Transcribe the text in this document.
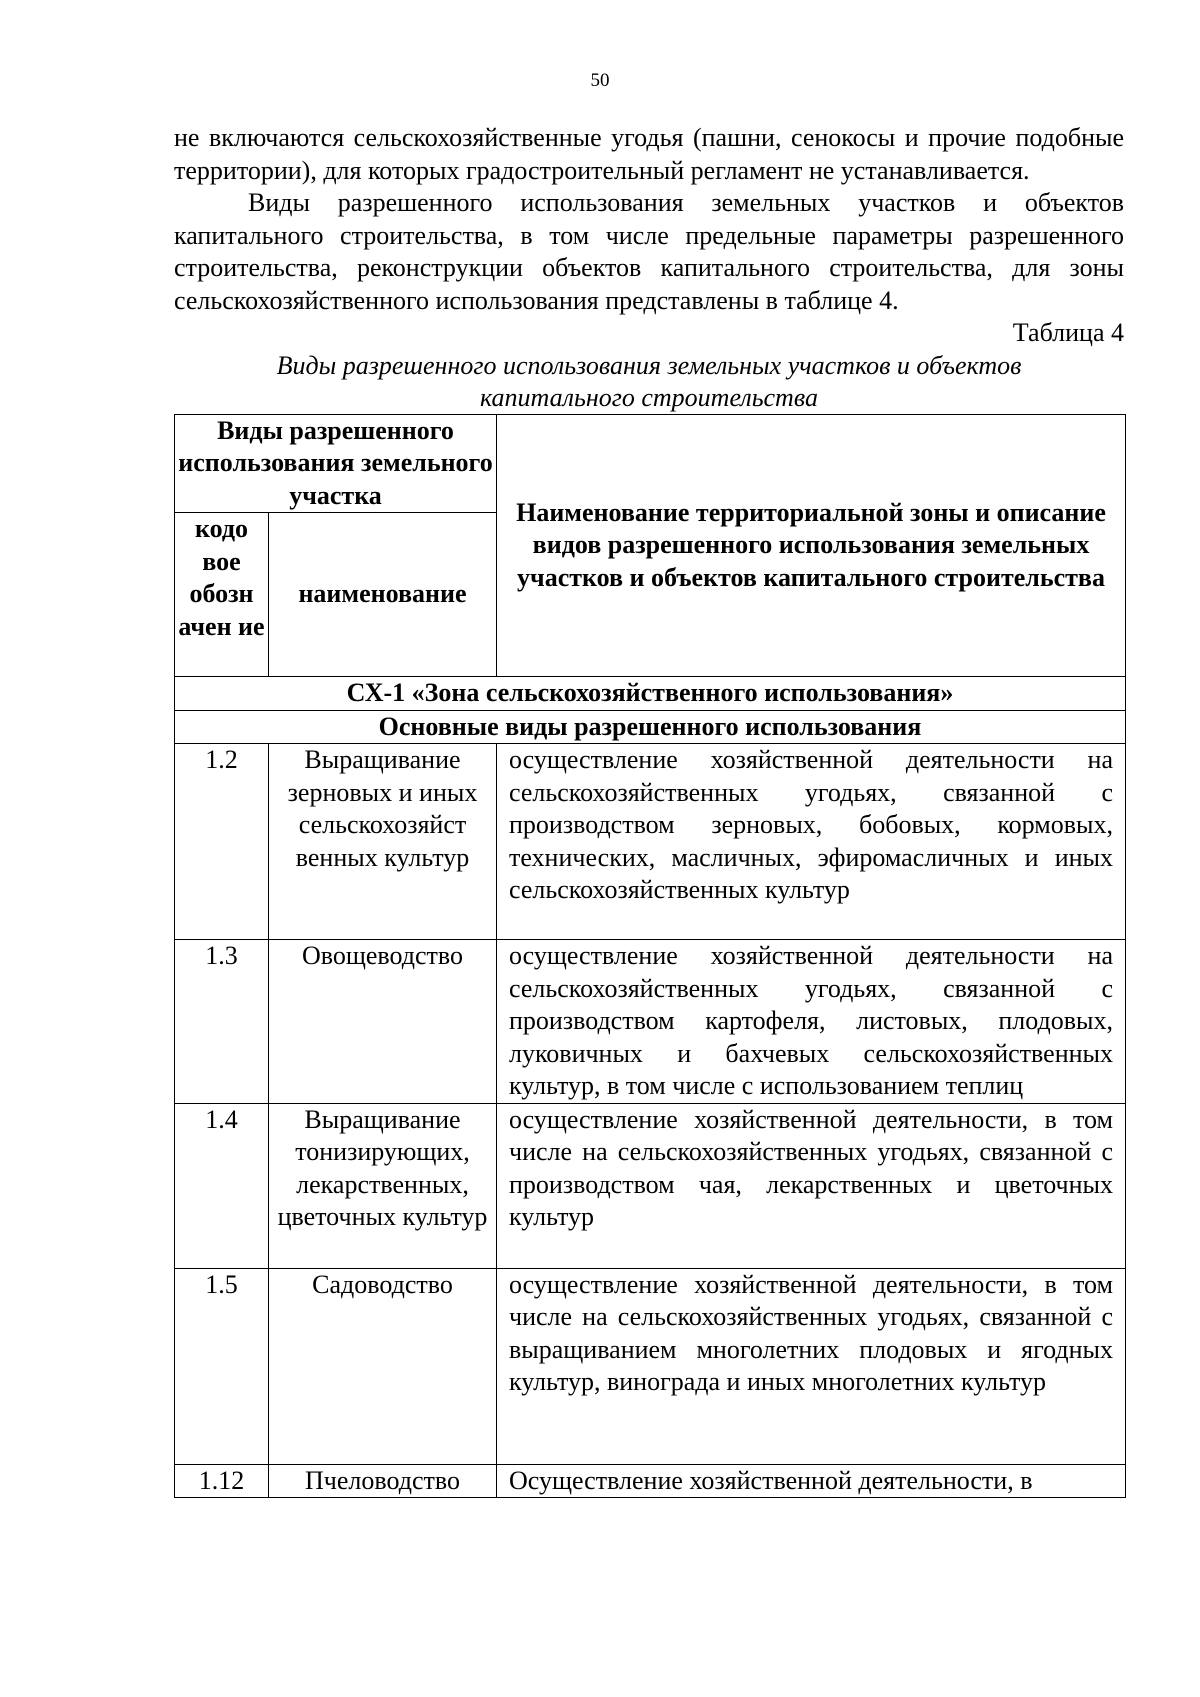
50

не включаются сельскохозяйственные угодья (пашни, сенокосы и прочие подобные территории), для которых градостроительный регламент не устанавливается.

Виды разрешенного использования земельных участков и объектов капитального строительства, в том числе предельные параметры разрешенного строительства, реконструкции объектов капитального строительства, для зоны сельскохозяйственного использования представлены в таблице 4.

Таблица 4

Виды разрешенного использования земельных участков и объектов капитального строительства

Виды разрешенного использования земельного участка		Наименование территориальной зоны и описание видов разрешенного использования земельных участков и объектов капитального строительства
кодо вое обозн ачен ие	наименование	
СХ-1 «Зона сельскохозяйственного использования»		
Основные виды разрешенного использования		
1.2	Выращивание зерновых и иных сельскохозяйст венных культур	осуществление хозяйственной деятельности на сельскохозяйственных угодьях, связанной с производством зерновых, бобовых, кормовых, технических, масличных, эфиромасличных и иных сельскохозяйственных культур
1.3	Овощеводство	осуществление хозяйственной деятельности на сельскохозяйственных угодьях, связанной с производством картофеля, листовых, плодовых, луковичных и бахчевых сельскохозяйственных культур, в том числе с использованием теплиц
1.4	Выращивание тонизирующих, лекарственных, цветочных культур	осуществление хозяйственной деятельности, в том числе на сельскохозяйственных угодьях, связанной с производством чая, лекарственных и цветочных культур
1.5	Садоводство	осуществление хозяйственной деятельности, в том числе на сельскохозяйственных угодьях, связанной с выращиванием многолетних плодовых и ягодных культур, винограда и иных многолетних культур
1.12	Пчеловодство	Осуществление хозяйственной деятельности, в
